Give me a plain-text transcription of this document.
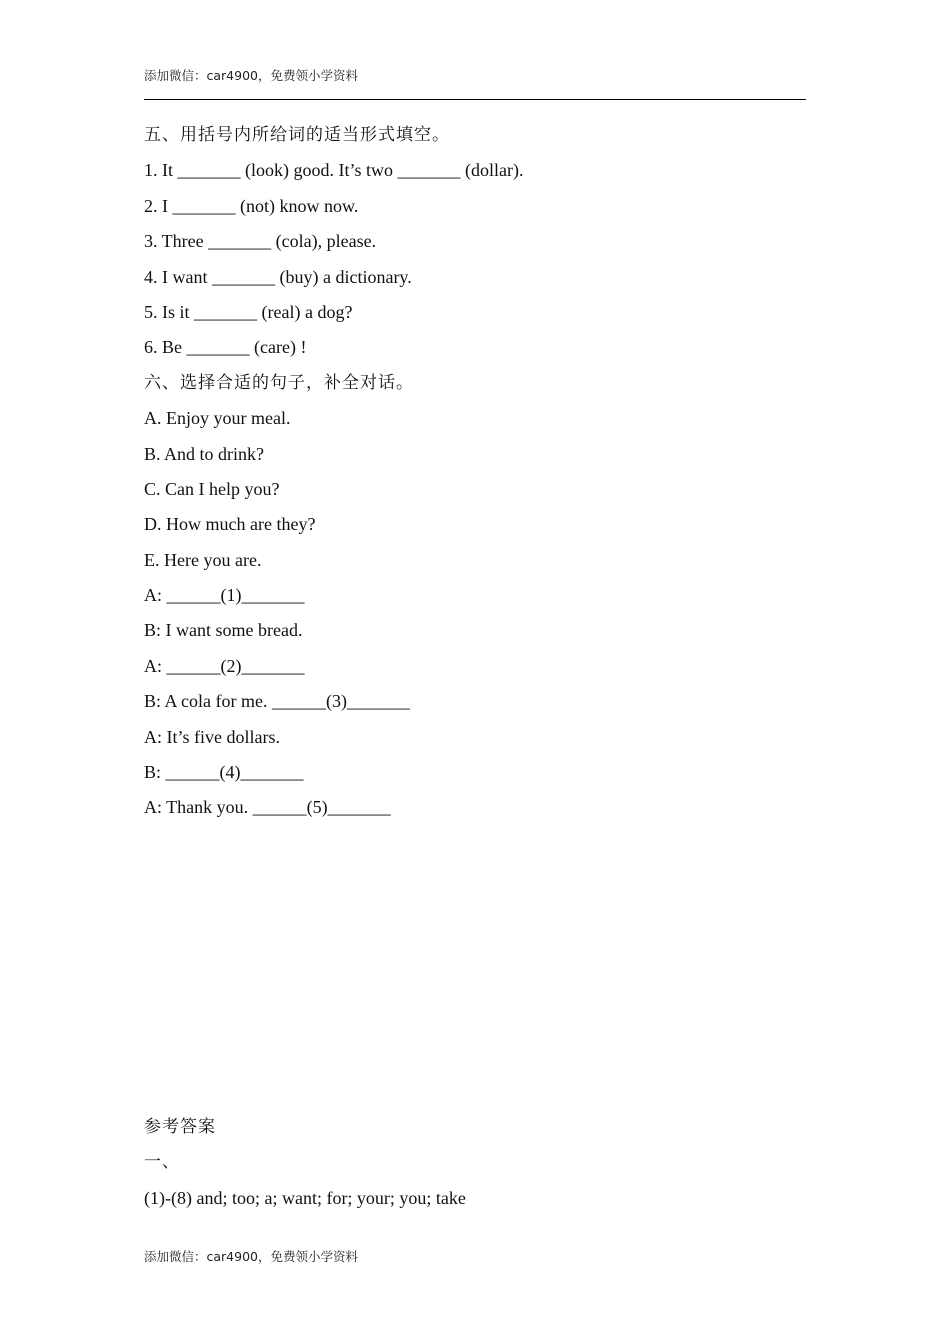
添加微信：car4900，免费领小学资料
五、用括号内所给词的适当形式填空。
1. It _______ (look) good. It’s two _______ (dollar).
2. I _______ (not) know now.
3. Three _______ (cola), please.
4. I want _______ (buy) a dictionary.
5. Is it _______ (real) a dog?
6. Be _______ (care) !
六、选择合适的句子，补全对话。
A. Enjoy your meal.
B. And to drink?
C. Can I help you?
D. How much are they?
E. Here you are.
A: ______(1)_______
B: I want some bread.
A: ______(2)_______
B: A cola for me. ______(3)_______
A: It’s five dollars.
B: ______(4)_______
A: Thank you. ______(5)_______
参考答案
一、
(1)-(8) and; too; a; want; for; your; you; take
添加微信：car4900，免费领小学资料
